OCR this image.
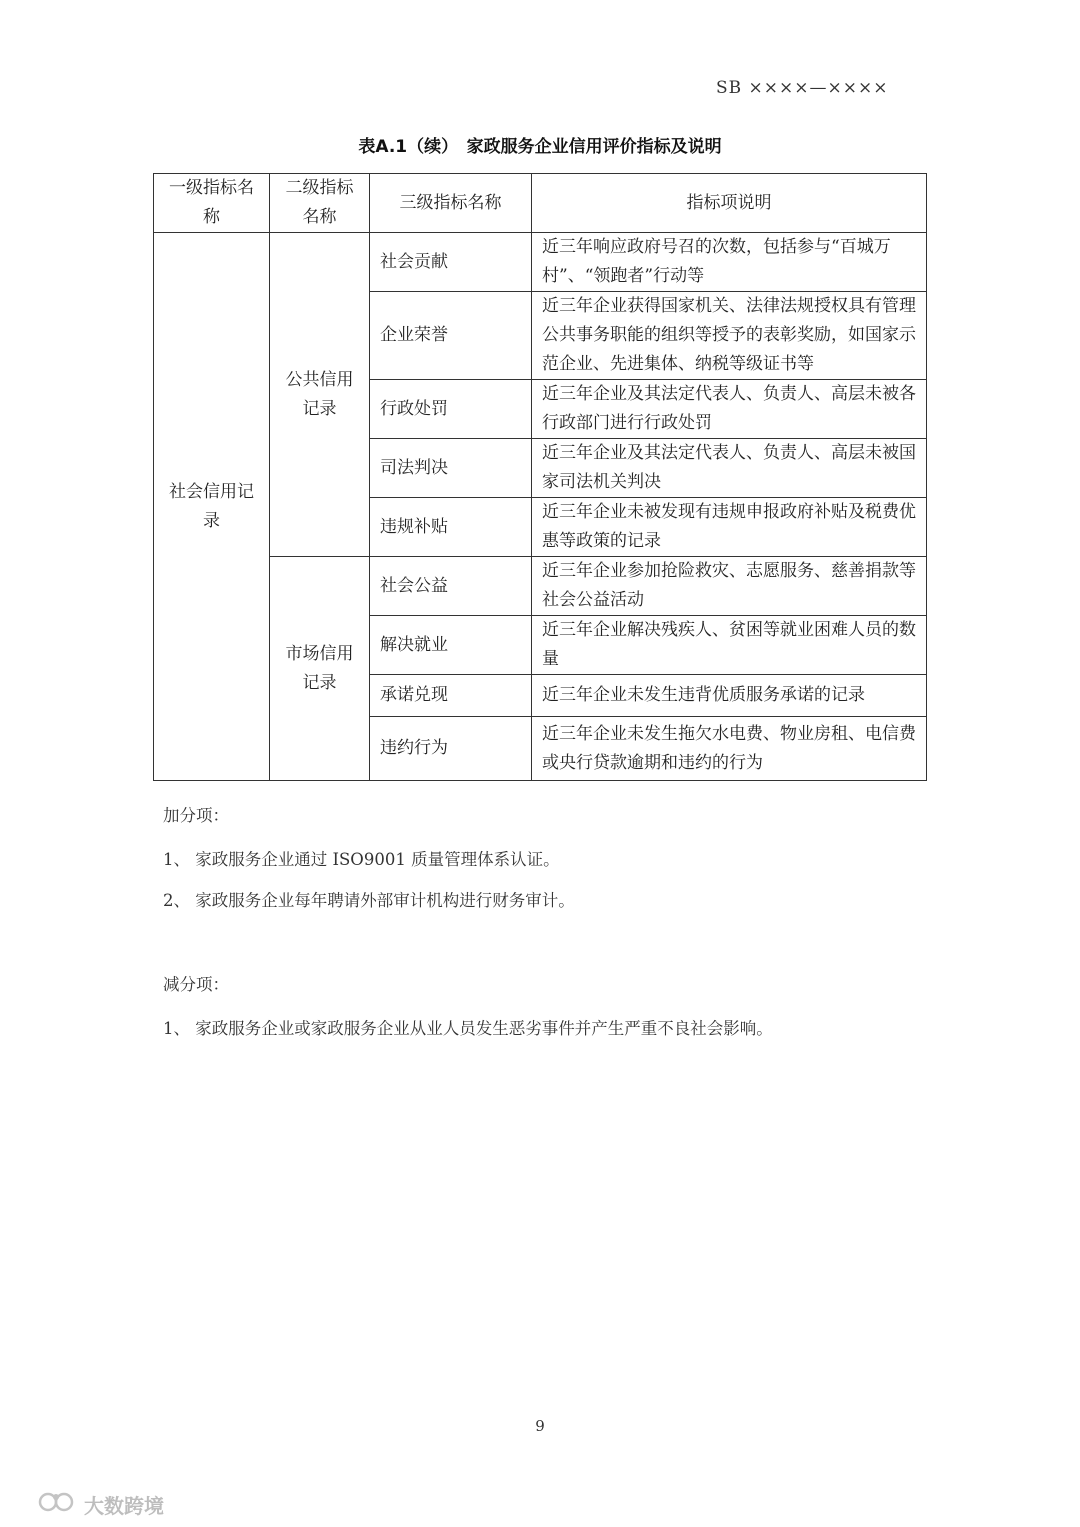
SB ××××—××××
表A.1（续）　家政服务企业信用评价指标及说明
一级指标名称	二级指标名称	三级指标名称	指标项说明

社会信用记录	公共信用记录	社会贡献	近三年响应政府号召的次数，包括参与“百城万村”、“领跑者”行动等
		企业荣誉	近三年企业获得国家机关、法律法规授权具有管理公共事务职能的组织等授予的表彰奖励，如国家示范企业、先进集体、纳税等级证书等
		行政处罚	近三年企业及其法定代表人、负责人、高层未被各行政部门进行行政处罚
		司法判决	近三年企业及其法定代表人、负责人、高层未被国家司法机关判决
		违规补贴	近三年企业未被发现有违规申报政府补贴及税费优惠等政策的记录

	市场信用记录	社会公益	近三年企业参加抢险救灾、志愿服务、慈善捐款等社会公益活动
		解决就业	近三年企业解决残疾人、贫困等就业困难人员的数量
		承诺兑现	近三年企业未发生违背优质服务承诺的记录
		违约行为	近三年企业未发生拖欠水电费、物业房租、电信费或央行贷款逾期和违约的行为
加分项：
1、 家政服务企业通过 ISO9001 质量管理体系认证。
2、 家政服务企业每年聘请外部审计机构进行财务审计。
减分项：
1、 家政服务企业或家政服务企业从业人员发生恶劣事件并产生严重不良社会影响。
9
大数跨境
